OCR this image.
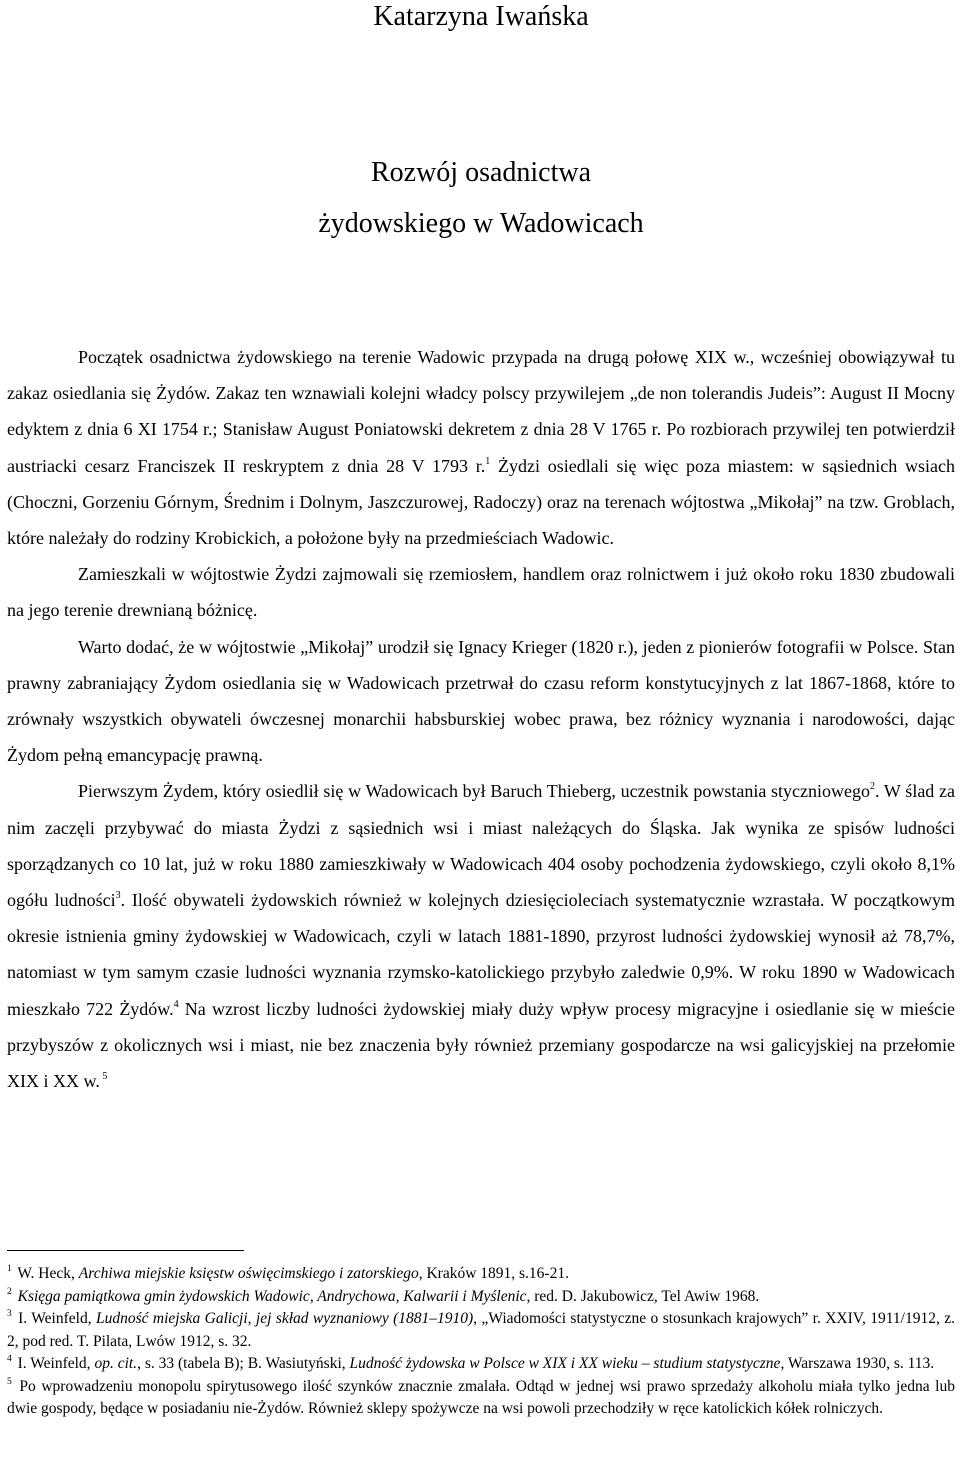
Katarzyna Iwańska
Rozwój osadnictwa
żydowskiego w Wadowicach

Początek osadnictwa żydowskiego na terenie Wadowic przypada na drugą połowę XIX w., wcześniej obowiązywał tu zakaz osiedlania się Żydów. Zakaz ten wznawiali kolejni władcy polscy przywilejem „de non tolerandis Judeis”: August II Mocny edyktem z dnia 6 XI 1754 r.; Stanisław August Poniatowski dekretem z dnia 28 V 1765 r. Po rozbiorach przywilej ten potwierdził austriacki cesarz Franciszek II reskryptem z dnia 28 V 1793 r.$^1$ Żydzi osiedlali się więc poza miastem: w sąsiednich wsiach (Choczni, Gorzeniu Górnym, Średnim i Dolnym, Jaszczurowej, Radoczy) oraz na terenach wójtostwa „Mikołaj” na tzw. Groblach, które należały do rodziny Krobickich, a położone były na przedmieściach Wadowic.

Zamieszkali w wójtostwie Żydzi zajmowali się rzemiosłem, handlem oraz rolnictwem i już około roku 1830 zbudowali na jego terenie drewnianą bóżnicę.

Warto dodać, że w wójtostwie „Mikołaj” urodził się Ignacy Krieger (1820 r.), jeden z pionierów fotografii w Polsce. Stan prawny zabraniający Żydom osiedlania się w Wadowicach przetrwał do czasu reform konstytucyjnych z lat 1867-1868, które to zrównały wszystkich obywateli ówczesnej monarchii habsburskiej wobec prawa, bez różnicy wyznania i narodowości, dając Żydom pełną emancypację prawną.

Pierwszym Żydem, który osiedlił się w Wadowicach był Baruch Thieberg, uczestnik powstania styczniowego$^2$. W ślad za nim zaczęli przybywać do miasta Żydzi z sąsiednich wsi i miast należących do Śląska. Jak wynika ze spisów ludności sporządzanych co 10 lat, już w roku 1880 zamieszkiwały w Wadowicach 404 osoby pochodzenia żydowskiego, czyli około 8,1% ogółu ludności$^3$. Ilość obywateli żydowskich również w kolejnych dziesięcioleciach systematycznie wzrastała. W początkowym okresie istnienia gminy żydowskiej w Wadowicach, czyli w latach 1881-1890, przyrost ludności żydowskiej wynosił aż 78,7%, natomiast w tym samym czasie ludności wyznania rzymsko-katolickiego przybyło zaledwie 0,9%. W roku 1890 w Wadowicach mieszkało 722 Żydów.$^4$ Na wzrost liczby ludności żydowskiej miały duży wpływ procesy migracyjne i osiedlanie się w mieście przybyszów z okolicznych wsi i miast, nie bez znaczenia były również przemiany gospodarcze na wsi galicyjskiej na przełomie XIX i XX w. $^5$

$^1$ W. Heck, Archiwa miejskie księstw oświęcimskiego i zatorskiego, Kraków 1891, s.16-21.

$^2$ Księga pamiątkowa gmin żydowskich Wadowic, Andrychowa, Kalwarii i Myślenic, red. D. Jakubowicz, Tel Awiw 1968.

$^3$ I. Weinfeld, Ludność miejska Galicji, jej skład wyznaniowy (1881–1910), „Wiadomości statystyczne o stosunkach krajowych” r. XXIV, 1911/1912, z. 2, pod red. T. Pilata, Lwów 1912, s. 32.

$^4$ I. Weinfeld, op. cit., s. 33 (tabela B); B. Wasiutyński, Ludność żydowska w Polsce w XIX i XX wieku – studium statystyczne, Warszawa 1930, s. 113.

$^5$ Po wprowadzeniu monopolu spirytusowego ilość szynków znacznie zmalała. Odtąd w jednej wsi prawo sprzedaży alkoholu miała tylko jedna lub dwie gospody, będące w posiadaniu nie-Żydów. Również sklepy spożywcze na wsi powoli przechodziły w ręce katolickich kółek rolniczych.
